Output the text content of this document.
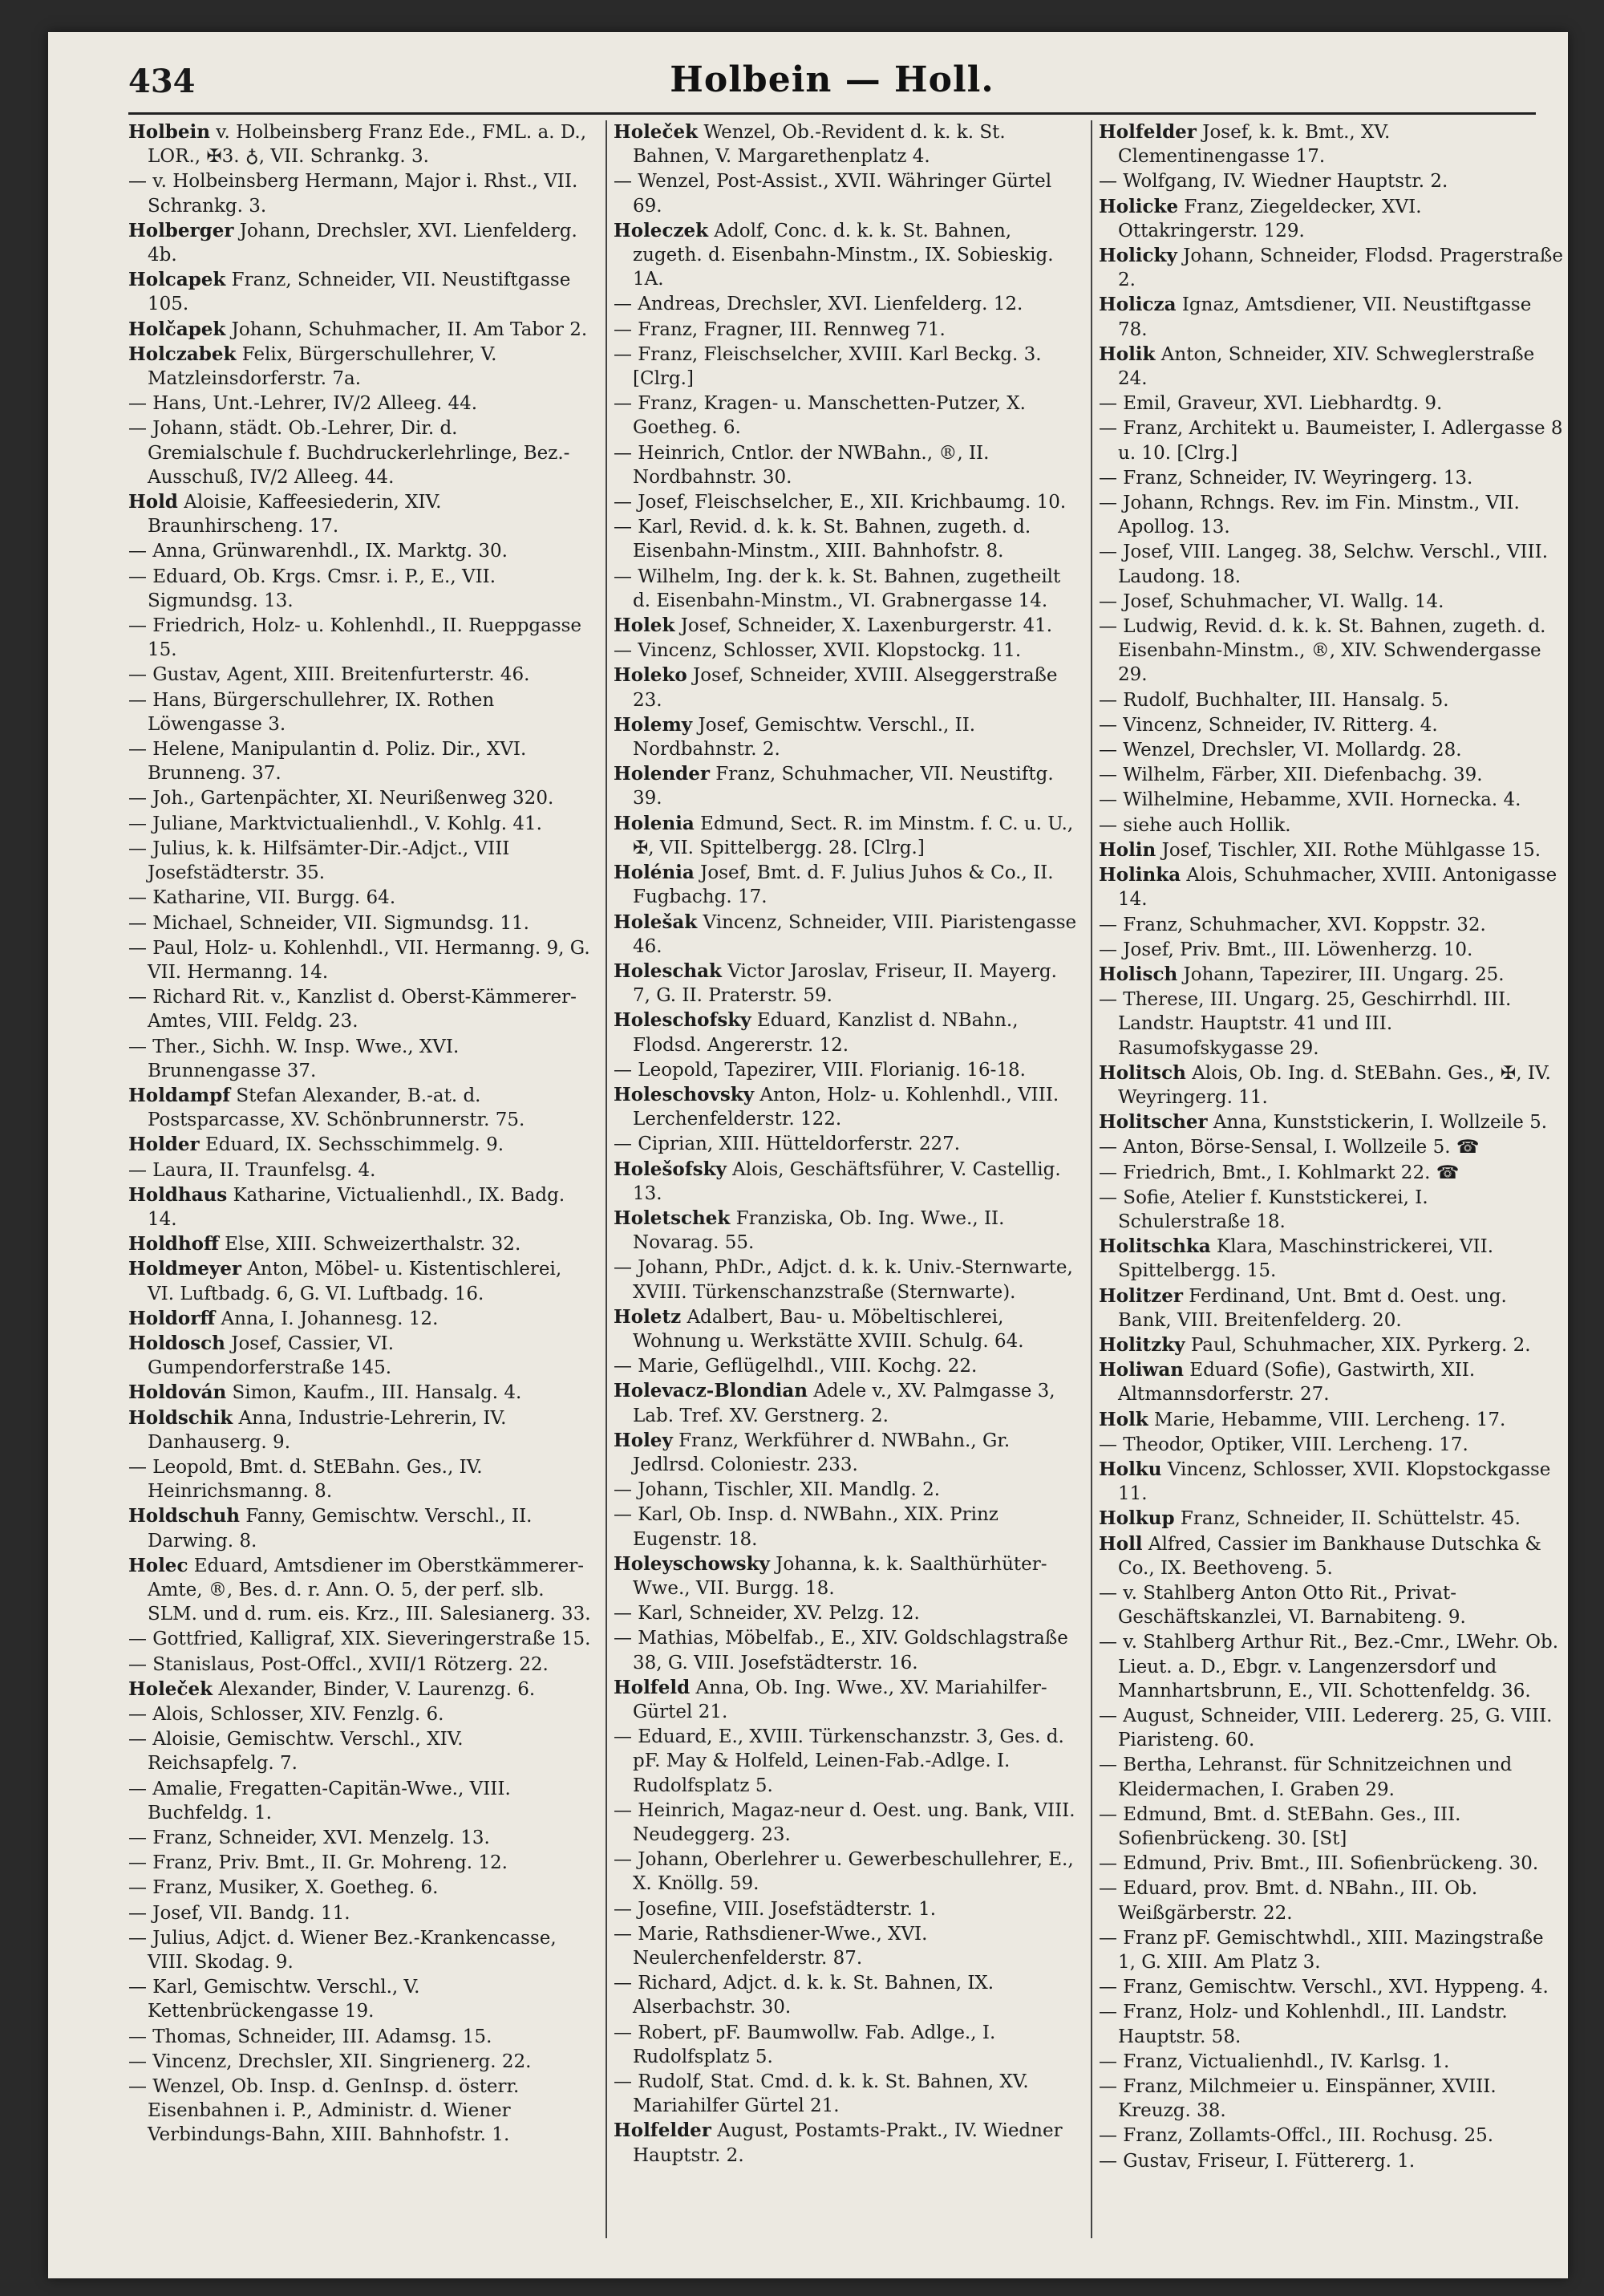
434	Holbein — Holl.

Holbein v. Holbeinsberg Franz Ede., FML. a. D., LOR., ✠3. ♁, VII. Schrankg. 3.

— v. Holbeinsberg Hermann, Major i. Rhst., VII. Schrankg. 3.

Holberger Johann, Drechsler, XVI. Lienfelderg. 4b.

Holcapek Franz, Schneider, VII. Neustiftgasse 105.

Holčapek Johann, Schuhmacher, II. Am Tabor 2.

Holczabek Felix, Bürgerschullehrer, V. Matzleinsdorferstr. 7a.

— Hans, Unt.-Lehrer, IV/2 Alleeg. 44.

— Johann, städt. Ob.-Lehrer, Dir. d. Gremialschule f. Buchdruckerlehrlinge, Bez.-Ausschuß, IV/2 Alleeg. 44.

Hold Aloisie, Kaffeesiederin, XIV. Braunhirscheng. 17.

— Anna, Grünwarenhdl., IX. Marktg. 30.

— Eduard, Ob. Krgs. Cmsr. i. P., E., VII. Sigmundsg. 13.

— Friedrich, Holz- u. Kohlenhdl., II. Rueppgasse 15.

— Gustav, Agent, XIII. Breitenfurterstr. 46.

— Hans, Bürgerschullehrer, IX. Rothen Löwengasse 3.

— Helene, Manipulantin d. Poliz. Dir., XVI. Brunneng. 37.

— Joh., Gartenpächter, XI. Neurißenweg 320.

— Juliane, Marktvictualienhdl., V. Kohlg. 41.

— Julius, k. k. Hilfsämter-Dir.-Adjct., VIII Josefstädterstr. 35.

— Katharine, VII. Burgg. 64.

— Michael, Schneider, VII. Sigmundsg. 11.

— Paul, Holz- u. Kohlenhdl., VII. Hermanng. 9, G. VII. Hermanng. 14.

— Richard Rit. v., Kanzlist d. Oberst-Kämmerer-Amtes, VIII. Feldg. 23.

— Ther., Sichh. W. Insp. Wwe., XVI. Brunnengasse 37.

Holdampf Stefan Alexander, B.-at. d. Postsparcasse, XV. Schönbrunnerstr. 75.

Holder Eduard, IX. Sechsschimmelg. 9.

— Laura, II. Traunfelsg. 4.

Holdhaus Katharine, Victualienhdl., IX. Badg. 14.

Holdhoff Else, XIII. Schweizerthalstr. 32.

Holdmeyer Anton, Möbel- u. Kistentischlerei, VI. Luftbadg. 6, G. VI. Luftbadg. 16.

Holdorff Anna, I. Johannesg. 12.

Holdosch Josef, Cassier, VI. Gumpendorferstraße 145.

Holdován Simon, Kaufm., III. Hansalg. 4.

Holdschik Anna, Industrie-Lehrerin, IV. Danhauserg. 9.

— Leopold, Bmt. d. StEBahn. Ges., IV. Heinrichsmanng. 8.

Holdschuh Fanny, Gemischtw. Verschl., II. Darwing. 8.

Holec Eduard, Amtsdiener im Oberstkämmerer-Amte, ®, Bes. d. r. Ann. O. 5, der perf. slb. SLM. und d. rum. eis. Krz., III. Salesianerg. 33.

— Gottfried, Kalligraf, XIX. Sieveringerstraße 15.

— Stanislaus, Post-Offcl., XVII/1 Rötzerg. 22.

Holeček Alexander, Binder, V. Laurenzg. 6.

— Alois, Schlosser, XIV. Fenzlg. 6.

— Aloisie, Gemischtw. Verschl., XIV. Reichsapfelg. 7.

— Amalie, Fregatten-Capitän-Wwe., VIII. Buchfeldg. 1.

— Franz, Schneider, XVI. Menzelg. 13.

— Franz, Priv. Bmt., II. Gr. Mohreng. 12.

— Franz, Musiker, X. Goetheg. 6.

— Josef, VII. Bandg. 11.

— Julius, Adjct. d. Wiener Bez.-Krankencasse, VIII. Skodag. 9.

— Karl, Gemischtw. Verschl., V. Kettenbrückengasse 19.

— Thomas, Schneider, III. Adamsg. 15.

— Vincenz, Drechsler, XII. Singrienerg. 22.

— Wenzel, Ob. Insp. d. GenInsp. d. österr. Eisenbahnen i. P., Administr. d. Wiener Verbindungs-Bahn, XIII. Bahnhofstr. 1.

Holeček Wenzel, Ob.-Revident d. k. k. St. Bahnen, V. Margarethenplatz 4.

— Wenzel, Post-Assist., XVII. Währinger Gürtel 69.

Holeczek Adolf, Conc. d. k. k. St. Bahnen, zugeth. d. Eisenbahn-Minstm., IX. Sobieskig. 1A.

— Andreas, Drechsler, XVI. Lienfelderg. 12.

— Franz, Fragner, III. Rennweg 71.

— Franz, Fleischselcher, XVIII. Karl Beckg. 3. [Clrg.]

— Franz, Kragen- u. Manschetten-Putzer, X. Goetheg. 6.

— Heinrich, Cntlor. der NWBahn., ®, II. Nordbahnstr. 30.

— Josef, Fleischselcher, E., XII. Krichbaumg. 10.

— Karl, Revid. d. k. k. St. Bahnen, zugeth. d. Eisenbahn-Minstm., XIII. Bahnhofstr. 8.

— Wilhelm, Ing. der k. k. St. Bahnen, zugetheilt d. Eisenbahn-Minstm., VI. Grabnergasse 14.

Holek Josef, Schneider, X. Laxenburgerstr. 41.

— Vincenz, Schlosser, XVII. Klopstockg. 11.

Holeko Josef, Schneider, XVIII. Alseggerstraße 23.

Holemy Josef, Gemischtw. Verschl., II. Nordbahnstr. 2.

Holender Franz, Schuhmacher, VII. Neustiftg. 39.

Holenia Edmund, Sect. R. im Minstm. f. C. u. U., ✠, VII. Spittelbergg. 28. [Clrg.]

Holénia Josef, Bmt. d. F. Julius Juhos & Co., II. Fugbachg. 17.

Holešak Vincenz, Schneider, VIII. Piaristengasse 46.

Holeschak Victor Jaroslav, Friseur, II. Mayerg. 7, G. II. Praterstr. 59.

Holeschofsky Eduard, Kanzlist d. NBahn., Flodsd. Angererstr. 12.

— Leopold, Tapezirer, VIII. Florianig. 16-18.

Holeschovsky Anton, Holz- u. Kohlenhdl., VIII. Lerchenfelderstr. 122.

— Ciprian, XIII. Hütteldorferstr. 227.

Holešofsky Alois, Geschäftsführer, V. Castellig. 13.

Holetschek Franziska, Ob. Ing. Wwe., II. Novarag. 55.

— Johann, PhDr., Adjct. d. k. k. Univ.-Sternwarte, XVIII. Türkenschanzstraße (Sternwarte).

Holetz Adalbert, Bau- u. Möbeltischlerei, Wohnung u. Werkstätte XVIII. Schulg. 64.

— Marie, Geflügelhdl., VIII. Kochg. 22.

Holevacz-Blondian Adele v., XV. Palmgasse 3, Lab. Tref. XV. Gerstnerg. 2.

Holey Franz, Werkführer d. NWBahn., Gr. Jedlrsd. Coloniestr. 233.

— Johann, Tischler, XII. Mandlg. 2.

— Karl, Ob. Insp. d. NWBahn., XIX. Prinz Eugenstr. 18.

Holeyschowsky Johanna, k. k. Saalthürhüter-Wwe., VII. Burgg. 18.

— Karl, Schneider, XV. Pelzg. 12.

— Mathias, Möbelfab., E., XIV. Goldschlagstraße 38, G. VIII. Josefstädterstr. 16.

Holfeld Anna, Ob. Ing. Wwe., XV. Mariahilfer-Gürtel 21.

— Eduard, E., XVIII. Türkenschanzstr. 3, Ges. d. pF. May & Holfeld, Leinen-Fab.-Adlge. I. Rudolfsplatz 5.

— Heinrich, Magaz-neur d. Oest. ung. Bank, VIII. Neudeggerg. 23.

— Johann, Oberlehrer u. Gewerbeschullehrer, E., X. Knöllg. 59.

— Josefine, VIII. Josefstädterstr. 1.

— Marie, Rathsdiener-Wwe., XVI. Neulerchenfelderstr. 87.

— Richard, Adjct. d. k. k. St. Bahnen, IX. Alserbachstr. 30.

— Robert, pF. Baumwollw. Fab. Adlge., I. Rudolfsplatz 5.

— Rudolf, Stat. Cmd. d. k. k. St. Bahnen, XV. Mariahilfer Gürtel 21.

Holfelder August, Postamts-Prakt., IV. Wiedner Hauptstr. 2.

Holfelder Josef, k. k. Bmt., XV. Clementinengasse 17.

— Wolfgang, IV. Wiedner Hauptstr. 2.

Holicke Franz, Ziegeldecker, XVI. Ottakringerstr. 129.

Holicky Johann, Schneider, Flodsd. Pragerstraße 2.

Holicza Ignaz, Amtsdiener, VII. Neustiftgasse 78.

Holik Anton, Schneider, XIV. Schweglerstraße 24.

— Emil, Graveur, XVI. Liebhardtg. 9.

— Franz, Architekt u. Baumeister, I. Adlergasse 8 u. 10. [Clrg.]

— Franz, Schneider, IV. Weyringerg. 13.

— Johann, Rchngs. Rev. im Fin. Minstm., VII. Apollog. 13.

— Josef, VIII. Langeg. 38, Selchw. Verschl., VIII. Laudong. 18.

— Josef, Schuhmacher, VI. Wallg. 14.

— Ludwig, Revid. d. k. k. St. Bahnen, zugeth. d. Eisenbahn-Minstm., ®, XIV. Schwendergasse 29.

— Rudolf, Buchhalter, III. Hansalg. 5.

— Vincenz, Schneider, IV. Ritterg. 4.

— Wenzel, Drechsler, VI. Mollardg. 28.

— Wilhelm, Färber, XII. Diefenbachg. 39.

— Wilhelmine, Hebamme, XVII. Hornecka. 4.

— siehe auch Hollik.

Holin Josef, Tischler, XII. Rothe Mühlgasse 15.

Holinka Alois, Schuhmacher, XVIII. Antonigasse 14.

— Franz, Schuhmacher, XVI. Koppstr. 32.

— Josef, Priv. Bmt., III. Löwenherzg. 10.

Holisch Johann, Tapezirer, III. Ungarg. 25.

— Therese, III. Ungarg. 25, Geschirrhdl. III. Landstr. Hauptstr. 41 und III. Rasumofskygasse 29.

Holitsch Alois, Ob. Ing. d. StEBahn. Ges., ✠, IV. Weyringerg. 11.

Holitscher Anna, Kunststickerin, I. Wollzeile 5.

— Anton, Börse-Sensal, I. Wollzeile 5. ☎

— Friedrich, Bmt., I. Kohlmarkt 22. ☎

— Sofie, Atelier f. Kunststickerei, I. Schulerstraße 18.

Holitschka Klara, Maschinstrickerei, VII. Spittelbergg. 15.

Holitzer Ferdinand, Unt. Bmt d. Oest. ung. Bank, VIII. Breitenfelderg. 20.

Holitzky Paul, Schuhmacher, XIX. Pyrkerg. 2.

Holiwan Eduard (Sofie), Gastwirth, XII. Altmannsdorferstr. 27.

Holk Marie, Hebamme, VIII. Lercheng. 17.

— Theodor, Optiker, VIII. Lercheng. 17.

Holku Vincenz, Schlosser, XVII. Klopstockgasse 11.

Holkup Franz, Schneider, II. Schüttelstr. 45.

Holl Alfred, Cassier im Bankhause Dutschka & Co., IX. Beethoveng. 5.

— v. Stahlberg Anton Otto Rit., Privat-Geschäftskanzlei, VI. Barnabiteng. 9.

— v. Stahlberg Arthur Rit., Bez.-Cmr., LWehr. Ob. Lieut. a. D., Ebgr. v. Langenzersdorf und Mannhartsbrunn, E., VII. Schottenfeldg. 36.

— August, Schneider, VIII. Ledererg. 25, G. VIII. Piaristeng. 60.

— Bertha, Lehranst. für Schnitzeichnen und Kleidermachen, I. Graben 29.

— Edmund, Bmt. d. StEBahn. Ges., III. Sofienbrückeng. 30. [St]

— Edmund, Priv. Bmt., III. Sofienbrückeng. 30.

— Eduard, prov. Bmt. d. NBahn., III. Ob. Weißgärberstr. 22.

— Franz pF. Gemischtwhdl., XIII. Mazingstraße 1, G. XIII. Am Platz 3.

— Franz, Gemischtw. Verschl., XVI. Hyppeng. 4.

— Franz, Holz- und Kohlenhdl., III. Landstr. Hauptstr. 58.

— Franz, Victualienhdl., IV. Karlsg. 1.

— Franz, Milchmeier u. Einspänner, XVIII. Kreuzg. 38.

— Franz, Zollamts-Offcl., III. Rochusg. 25.

— Gustav, Friseur, I. Füttererg. 1.
